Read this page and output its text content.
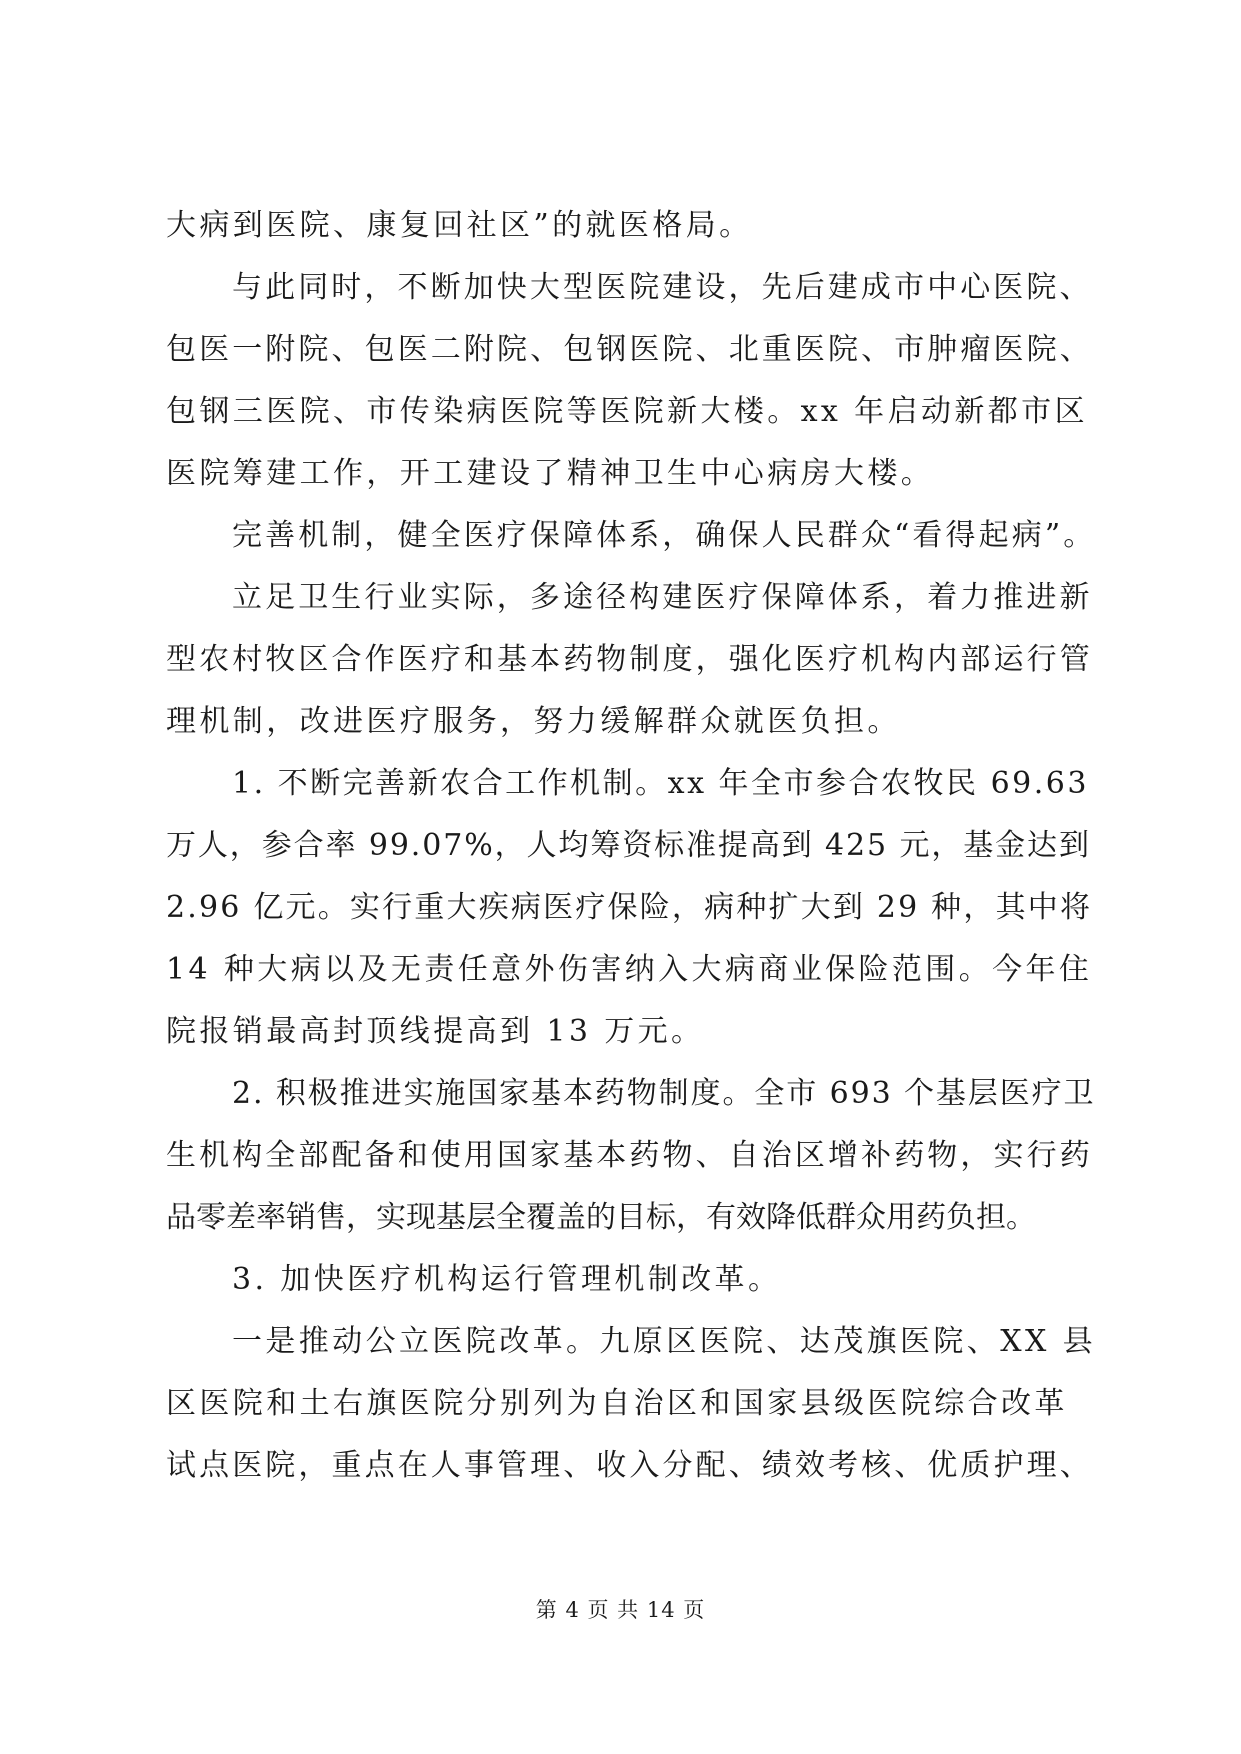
大病到医院、康复回社区”的就医格局。
与此同时，不断加快大型医院建设，先后建成市中心医院、
包医一附院、包医二附院、包钢医院、北重医院、市肿瘤医院、
包钢三医院、市传染病医院等医院新大楼。xx 年启动新都市区
医院筹建工作，开工建设了精神卫生中心病房大楼。
完善机制，健全医疗保障体系，确保人民群众“看得起病”。
立足卫生行业实际，多途径构建医疗保障体系，着力推进新
型农村牧区合作医疗和基本药物制度，强化医疗机构内部运行管
理机制，改进医疗服务，努力缓解群众就医负担。
1. 不断完善新农合工作机制。xx 年全市参合农牧民 69.63
万人，参合率 99.07%，人均筹资标准提高到 425 元，基金达到
2.96 亿元。实行重大疾病医疗保险，病种扩大到 29 种，其中将
14 种大病以及无责任意外伤害纳入大病商业保险范围。今年住
院报销最高封顶线提高到 13 万元。
2. 积极推进实施国家基本药物制度。全市 693 个基层医疗卫
生机构全部配备和使用国家基本药物、自治区增补药物，实行药
品零差率销售，实现基层全覆盖的目标，有效降低群众用药负担。
3. 加快医疗机构运行管理机制改革。
一是推动公立医院改革。九原区医院、达茂旗医院、XX 县
区医院和土右旗医院分别列为自治区和国家县级医院综合改革
试点医院，重点在人事管理、收入分配、绩效考核、优质护理、
第 4 页 共 14 页
